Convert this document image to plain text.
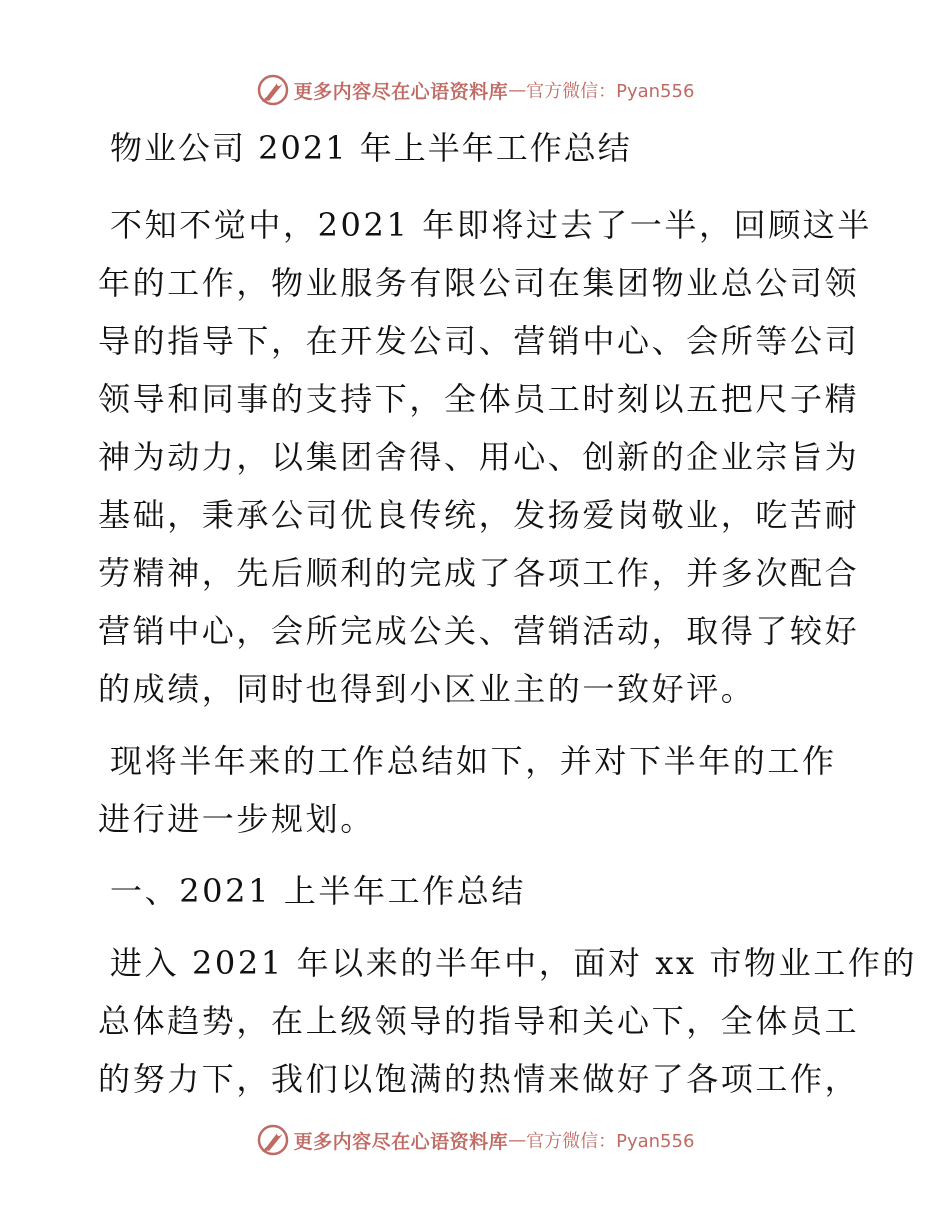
更多内容尽在心语资料库 — 官方微信：Pyan556
物业公司 2021 年上半年工作总结
不知不觉中，2021 年即将过去了一半，回顾这半
年的工作，物业服务有限公司在集团物业总公司领
导的指导下，在开发公司、营销中心、会所等公司
领导和同事的支持下，全体员工时刻以五把尺子精
神为动力，以集团舍得、用心、创新的企业宗旨为
基础，秉承公司优良传统，发扬爱岗敬业，吃苦耐
劳精神，先后顺利的完成了各项工作，并多次配合
营销中心，会所完成公关、营销活动，取得了较好
的成绩，同时也得到小区业主的一致好评。
现将半年来的工作总结如下，并对下半年的工作
进行进一步规划。
一、2021 上半年工作总结
进入 2021 年以来的半年中，面对 xx 市物业工作的
总体趋势，在上级领导的指导和关心下，全体员工
的努力下，我们以饱满的热情来做好了各项工作，
更多内容尽在心语资料库 — 官方微信：Pyan556
